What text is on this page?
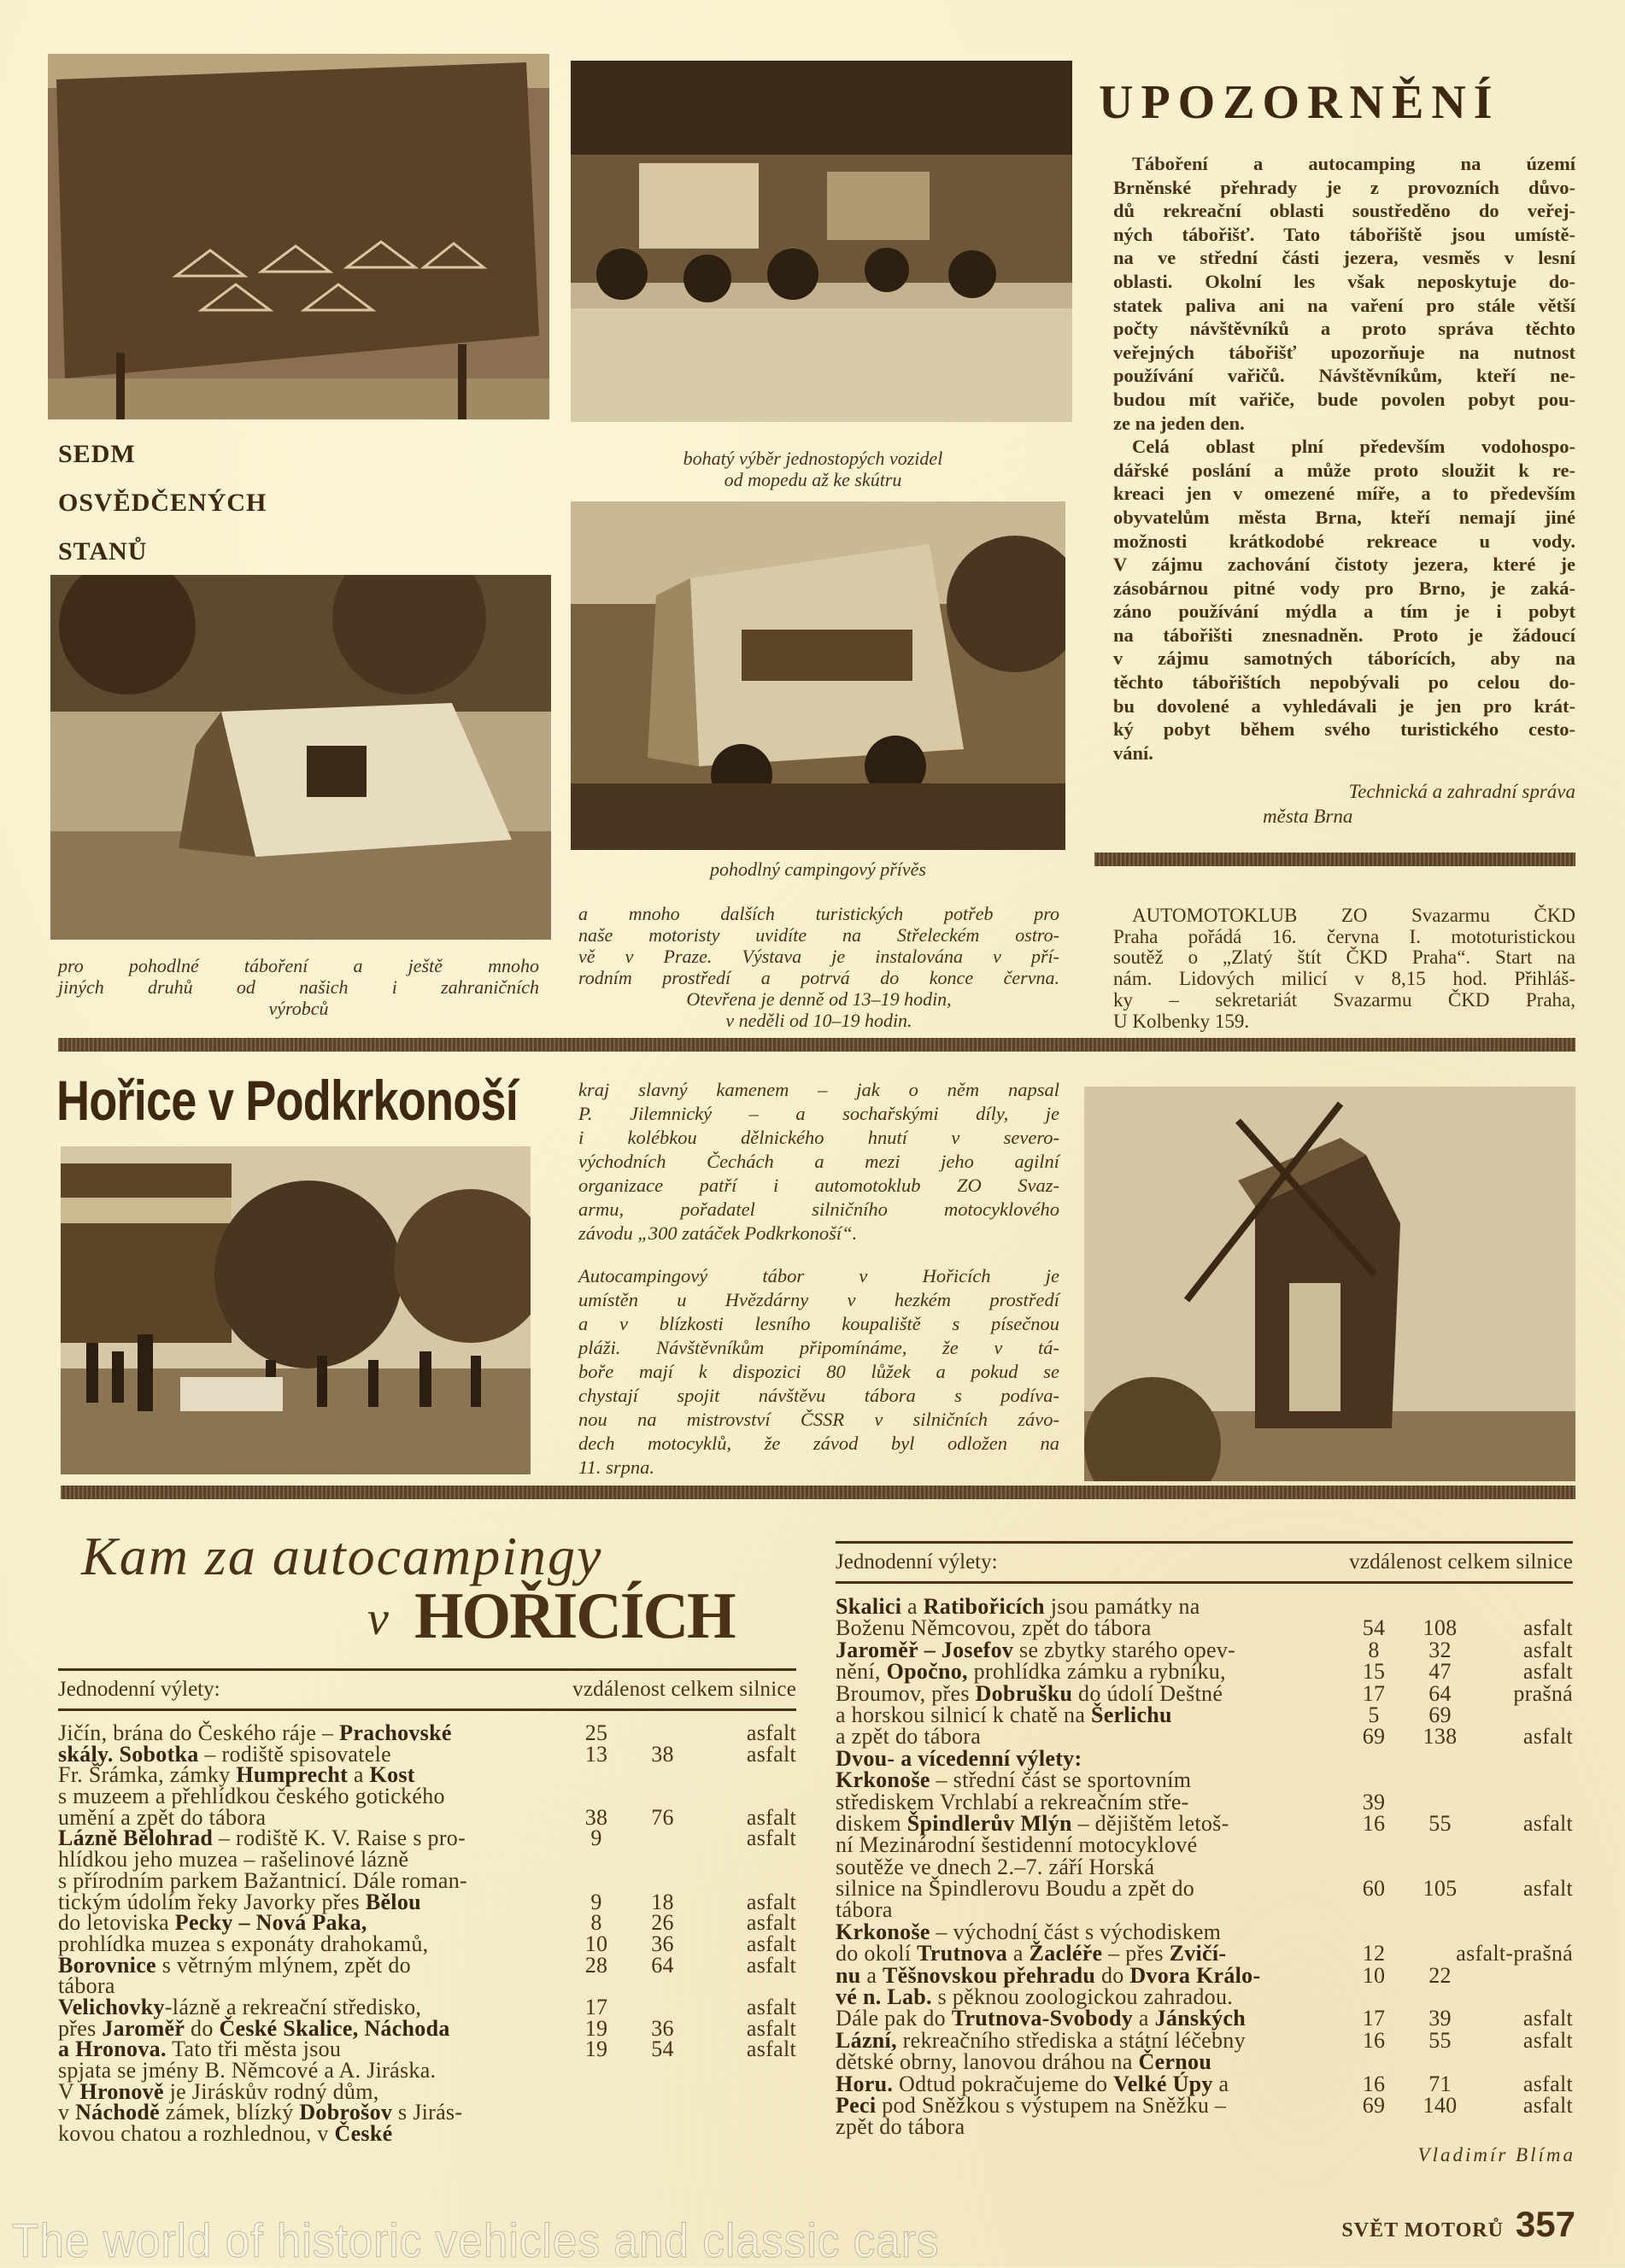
UPOZORNĚNÍ
Táboření a autocamping na území
Brněnské přehrady je z provozních důvo-
dů rekreační oblasti soustředěno do veřej-
ných tábořišť. Tato tábořiště jsou umístě-
na ve střední části jezera, vesměs v lesní
oblasti. Okolní les však neposkytuje do-
statek paliva ani na vaření pro stále větší
počty návštěvníků a proto správa těchto
veřejných tábořišť upozorňuje na nutnost
používání vařičů. Návštěvníkům, kteří ne-
budou mít vařiče, bude povolen pobyt pou-
ze na jeden den.
Celá oblast plní především vodohospo-
dářské poslání a může proto sloužit k re-
kreaci jen v omezené míře, a to především
obyvatelům města Brna, kteří nemají jiné
možnosti krátkodobé rekreace u vody.
V zájmu zachování čistoty jezera, které je
zásobárnou pitné vody pro Brno, je zaká-
záno používání mýdla a tím je i pobyt
na tábořišti znesnadněn. Proto je žádoucí
v zájmu samotných táborících, aby na
těchto tábořištích nepobývali po celou do-
bu dovolené a vyhledávali je jen pro krát-
ký pobyt během svého turistického cesto-
vání.
Technická a zahradní správa
města Brna
AUTOMOTOKLUB ZO Svazarmu ČKD
Praha pořádá 16. června I. mototuristickou
soutěž o „Zlatý štít ČKD Praha“. Start na
nám. Lidových milicí v 8,15 hod. Přihláš-
ky – sekretariát Svazarmu ČKD Praha,
U Kolbenky 159.
SEDM
OSVĚDČENÝCH
STANŮ
bohatý výběr jednostopých vozidel
od mopedu až ke skútru
pohodlný campingový přívěs
pro pohodlné táboření a ještě mnoho
jiných druhů od našich i zahraničních
výrobců
a mnoho dalších turistických potřeb pro
naše motoristy uvidíte na Střeleckém ostro-
vě v Praze. Výstava je instalována v pří-
rodním prostředí a potrvá do konce června.
Otevřena je denně od 13–19 hodin,
v neděli od 10–19 hodin.
Hořice v Podkrkonoší	kraj slavný kamenem – jak o něm napsal
P. Jilemnický – a sochařskými díly, je
i kolébkou dělnického hnutí v severo-
východních Čechách a mezi jeho agilní
organizace patří i automotoklub ZO Svaz-
armu, pořadatel silničního motocyklového
závodu „300 zatáček Podkrkonoší“.
Autocampingový tábor v Hořicích je
umístěn u Hvězdárny v hezkém prostředí
a v blízkosti lesního koupaliště s písečnou
pláži. Návštěvníkům připomínáme, že v tá-
boře mají k dispozici 80 lůžek a pokud se
chystají spojit návštěvu tábora s podíva-
nou na mistrovství ČSSR v silničních závo-
dech motocyklů, že závod byl odložen na
11. srpna.
Kam za autocampingy
v HOŘICÍCH
Jednodenní výlety:	vzdálenost celkem silnice
Jičín, brána do Českého ráje – Prachovské	25	asfalt
skály. Sobotka – rodiště spisovatele	13	38	asfalt
Fr. Šrámka, zámky Humprecht a Kost
s muzeem a přehlídkou českého gotického
umění a zpět do tábora	38	76	asfalt
Lázně Bělohrad – rodiště K. V. Raise s pro-	9	asfalt
hlídkou jeho muzea – rašelinové lázně
s přírodním parkem Bažantnicí. Dále roman-
tickým údolím řeky Javorky přes Bělou	9	18	asfalt
do letoviska Pecky – Nová Paka,	8	26	asfalt
prohlídka muzea s exponáty drahokamů,	10	36	asfalt
Borovnice s větrným mlýnem, zpět do	28	64	asfalt
tábora
Velichovky-lázně a rekreační středisko,	17	asfalt
přes Jaroměř do České Skalice, Náchoda	19	36	asfalt
a Hronova. Tato tři města jsou	19	54	asfalt
spjata se jmény B. Němcové a A. Jiráska.
V Hronově je Jiráskův rodný dům,
v Náchodě zámek, blízký Dobrošov s Jirás-
kovou chatou a rozhlednou, v České
Jednodenní výlety:	vzdálenost celkem silnice
Skalici a Ratibořicích jsou památky na
Boženu Němcovou, zpět do tábora	54	108	asfalt
Jaroměř – Josefov se zbytky starého opev-	8	32	asfalt
nění, Opočno, prohlídka zámku a rybníku,	15	47	asfalt
Broumov, přes Dobrušku do údolí Deštné	17	64	prašná
a horskou silnicí k chatě na Šerlichu	5	69
a zpět do tábora	69	138	asfalt
Dvou- a vícedenní výlety:
Krkonoše – střední část se sportovním
střediskem Vrchlabí a rekreačním stře-	39
diskem Špindlerův Mlýn – dějištěm letoš-	16	55	asfalt
ní Mezinárodní šestidenní motocyklové
soutěže ve dnech 2.–7. září Horská
silnice na Špindlerovu Boudu a zpět do	60	105	asfalt
tábora
Krkonoše – východní část s východiskem
do okolí Trutnova a Žacléře – přes Zvičí-	12	asfalt-prašná
nu a Těšnovskou přehradu do Dvora Králo-	10	22
vé n. Lab. s pěknou zoologickou zahradou.
Dále pak do Trutnova-Svobody a Jánských	17	39	asfalt
Lázní, rekreačního střediska a státní léčebny	16	55	asfalt
dětské obrny, lanovou dráhou na Černou
Horu. Odtud pokračujeme do Velké Úpy a	16	71	asfalt
Peci pod Sněžkou s výstupem na Sněžku –	69	140	asfalt
zpět do tábora
Vladimír Blíma
The world of historic vehicles and classic cars	SVĚT MOTORŮ 357
